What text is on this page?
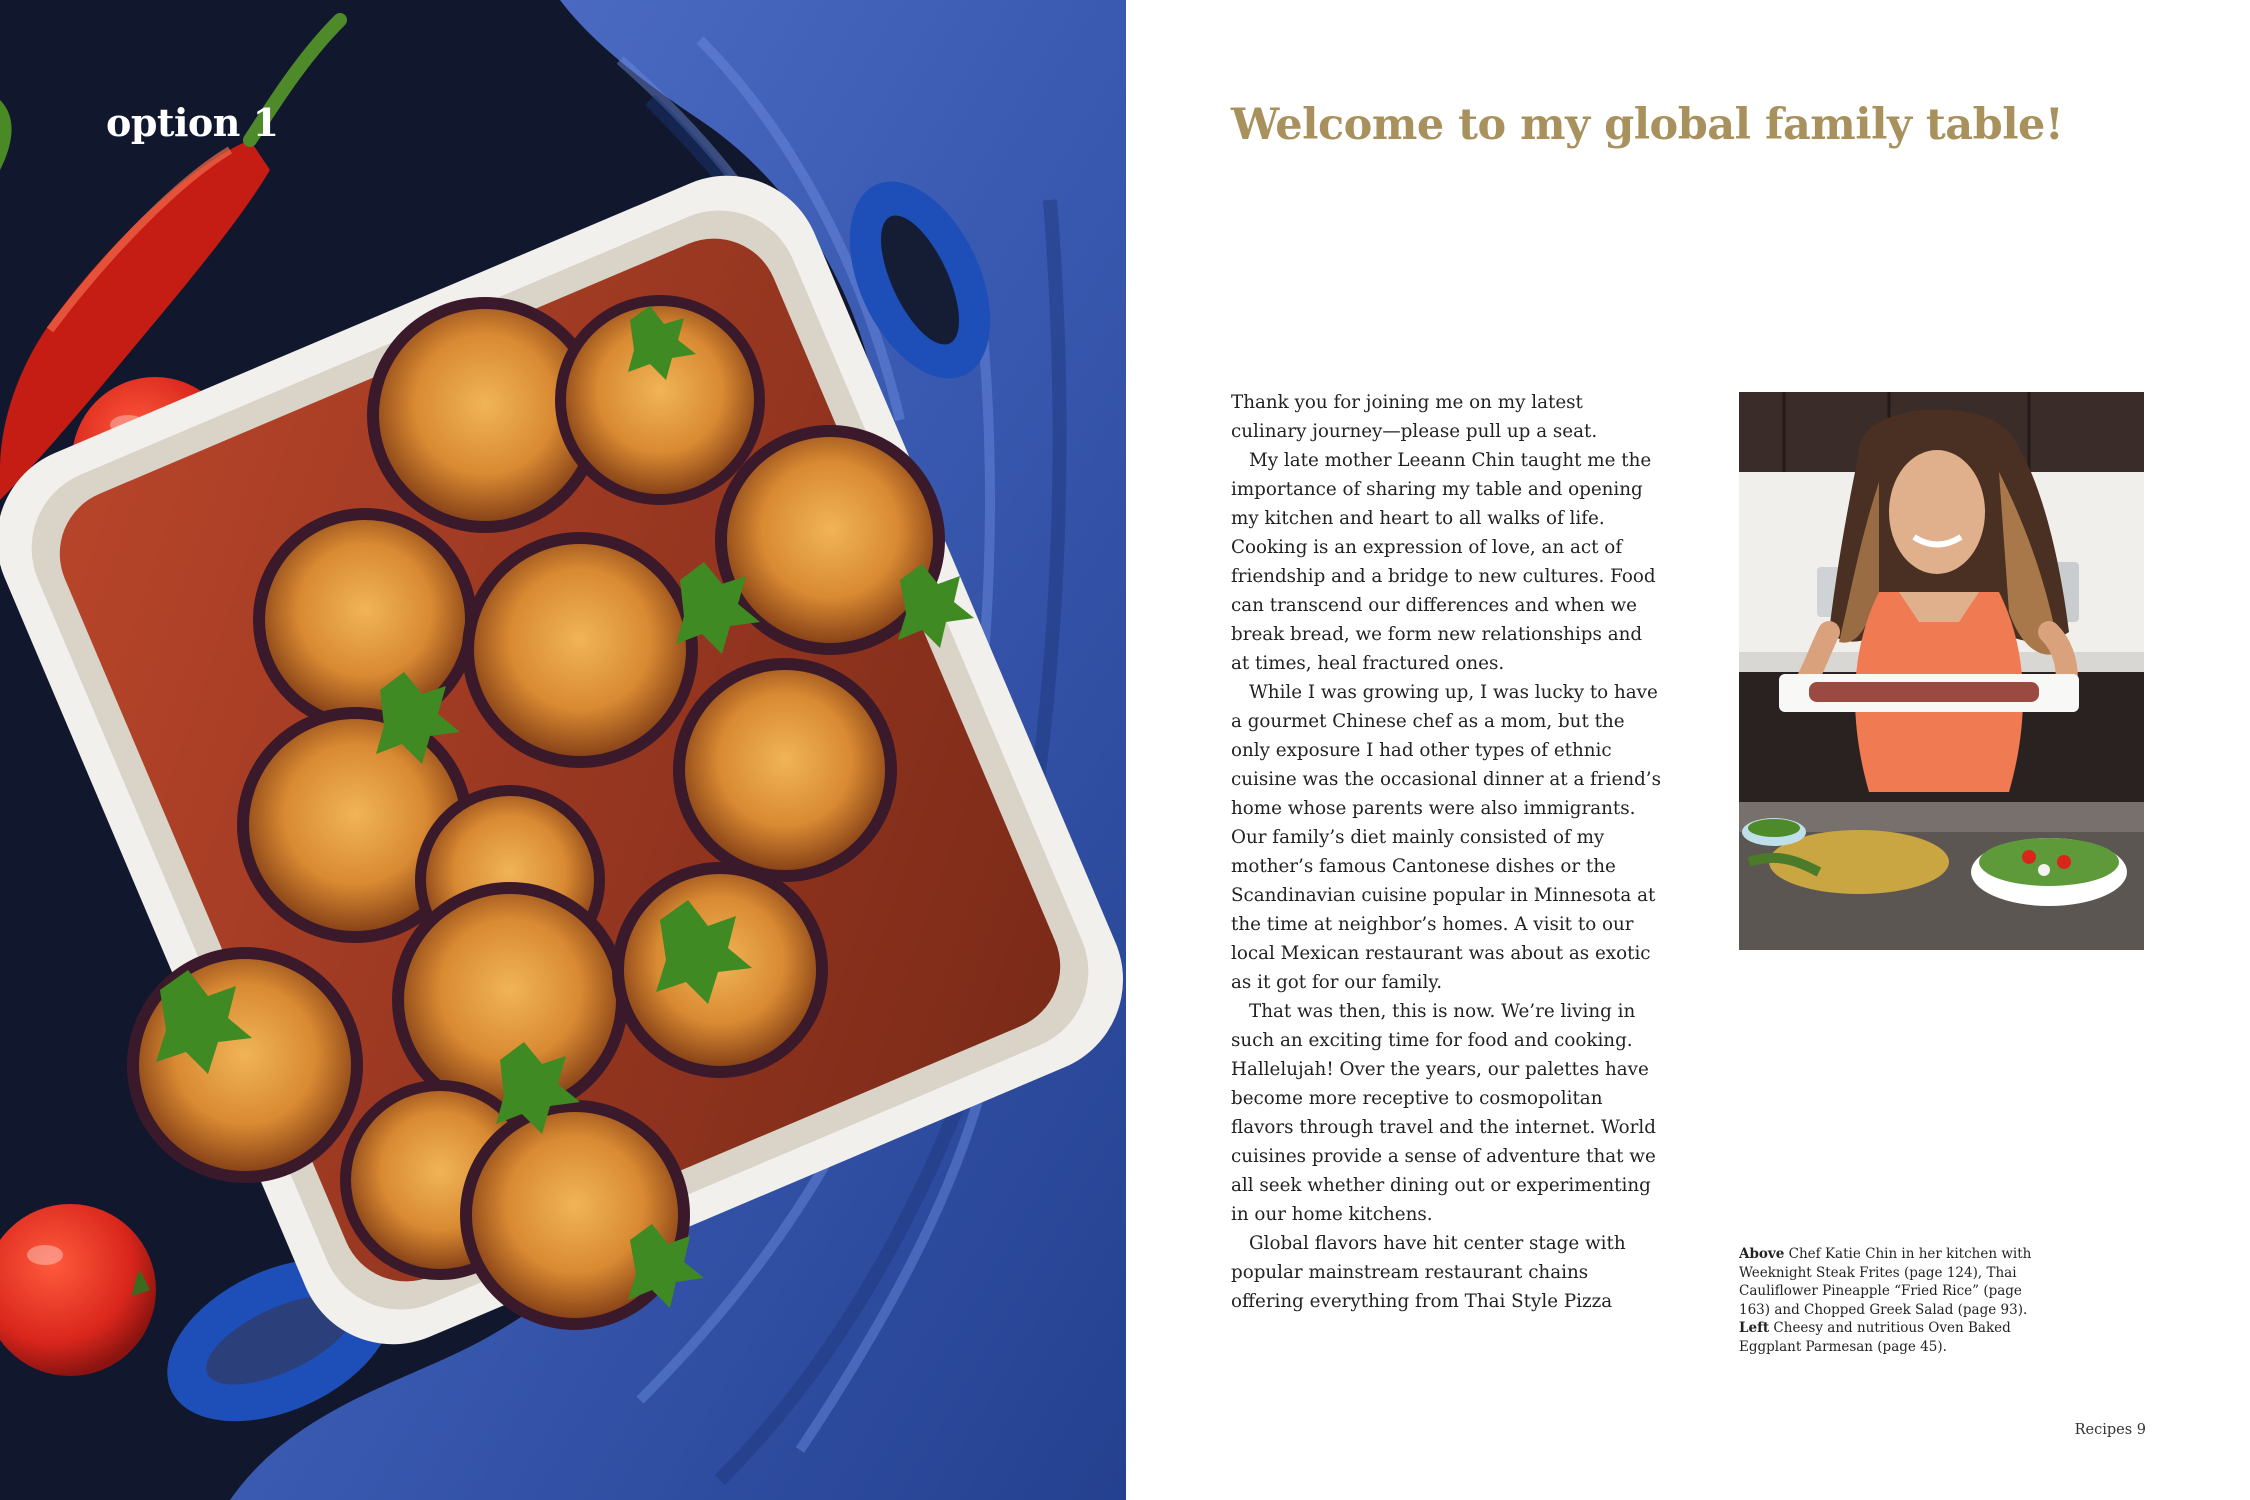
option 1	Welcome to my global family table!

Thank you for joining me on my latest culinary journey—please pull up a seat.

My late mother Leeann Chin taught me the importance of sharing my table and opening my kitchen and heart to all walks of life. Cooking is an expression of love, an act of friendship and a bridge to new cultures. Food can transcend our differences and when we break bread, we form new relationships and at times, heal fractured ones.

While I was growing up, I was lucky to have a gourmet Chinese chef as a mom, but the only exposure I had other types of ethnic cuisine was the occasional dinner at a friend’s home whose parents were also immigrants. Our family’s diet mainly consisted of my mother’s famous Cantonese dishes or the Scandinavian cuisine popular in Minnesota at the time at neighbor’s homes. A visit to our local Mexican restaurant was about as exotic as it got for our family.

That was then, this is now. We’re living in such an exciting time for food and cooking. Hallelujah! Over the years, our palettes have become more receptive to cosmopolitan flavors through travel and the internet. World cuisines provide a sense of adventure that we all seek whether dining out or experimenting in our home kitchens.

Global flavors have hit center stage with popular mainstream restaurant chains offering everything from Thai Style Pizza

Above Chef Katie Chin in her kitchen with Weeknight Steak Frites (page 124), Thai Cauliflower Pineapple “Fried Rice” (page 163) and Chopped Greek Salad (page 93).
Left Cheesy and nutritious Oven Baked Eggplant Parmesan (page 45).
Recipes 9
